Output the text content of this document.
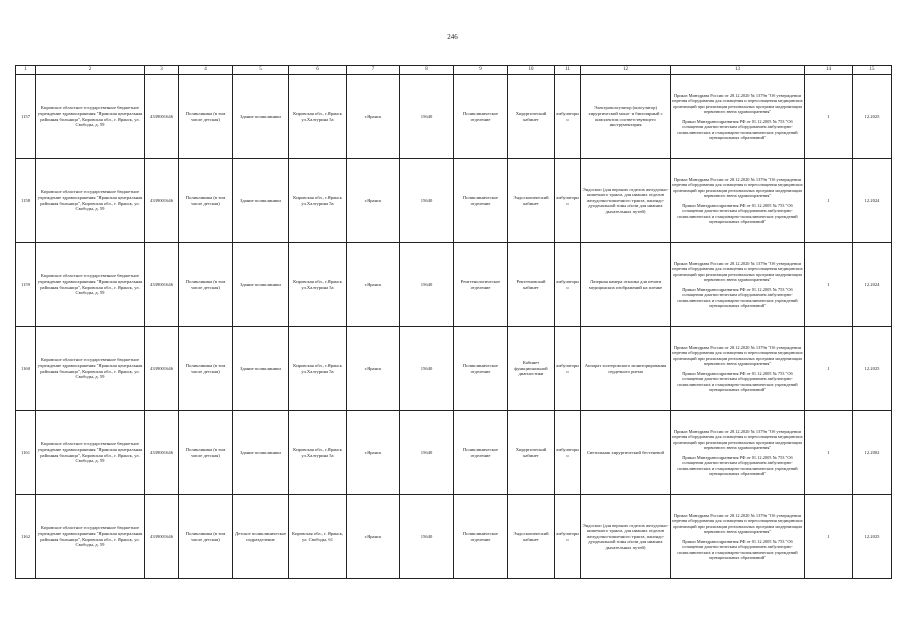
246
1	2	3	4	5	6	7	8	9	10	11	12	13	14	15
1157	Кировское областное государственное бюджетное учреждение здравоохранения "Яранская центральная районная больница", Кировская обл., г. Яранск, ул. Свободы, д. 59	4339001646	Поликлиника (в том числе детская)	Здание поликлиники	Кировская обл., г.Яранск ул.Халтурина 5а	г.Яранск	15640	Поликлиническое отделение	Хирургический кабинет	амбулаторно	Электровоагулятор (коагулятор) хирургический моно- и биполярный с комплектом соответствующего инструментария	Приказ Минздрава России от 28.12.2020 № 1379н "Об утверждении перечня оборудования для оснащения и переоснащения медицинских организаций при реализации региональных программ модернизации первичного звена здравоохранения"
Приказ Минздравсоцразвития РФ от 01.12.2005 № 753 "Об оснащении диагностическим оборудованием амбулаторно-поликлинических и стационарно-поликлинических учреждений муниципальных образований"	1	12.2025
1158	Кировское областное государственное бюджетное учреждение здравоохранения "Яранская центральная районная больница", Кировская обл., г. Яранск, ул. Свободы, д. 59	4339001646	Поликлиника (в том числе детская)	Здание поликлиники	Кировская обл., г.Яранск ул.Халтурина 5а	г.Яранск	15640	Поликлиническое отделение	Эндоскопический кабинет	амбулаторно	Эндоскоп (для верхних отделов желудочно-кишечного тракта, для нижних отделов желудочно-кишечного тракта, панэндо-дуоденальной зоны и/или для нижних дыхательных путей)	Приказ Минздрава России от 28.12.2020 № 1379н "Об утверждении перечня оборудования для оснащения и переоснащения медицинских организаций при реализации региональных программ модернизации первичного звена здравоохранения"
Приказ Минздравсоцразвития РФ от 01.12.2005 № 753 "Об оснащении диагностическим оборудованием амбулаторно-поликлинических и стационарно-поликлинических учреждений муниципальных образований"	1	12.2024
1159	Кировское областное государственное бюджетное учреждение здравоохранения "Яранская центральная районная больница", Кировская обл., г. Яранск, ул. Свободы, д. 59	4339001646	Поликлиника (в том числе детская)	Здание поликлиники	Кировская обл., г.Яранск ул.Халтурина 5а	г.Яранск	15640	Рентгенологическое отделение	Рентгеновский кабинет	амбулаторно	Лазерная камера отклика для печати медицинских изображений на пленке	Приказ Минздрава России от 28.12.2020 № 1379н "Об утверждении перечня оборудования для оснащения и переоснащения медицинских организаций при реализации региональных программ модернизации первичного звена здравоохранения"
Приказ Минздравсоцразвития РФ от 01.12.2005 № 753 "Об оснащении диагностическим оборудованием амбулаторно-поликлинических и стационарно-поликлинических учреждений муниципальных образований"	1	12.2024
1160	Кировское областное государственное бюджетное учреждение здравоохранения "Яранская центральная районная больница", Кировская обл., г. Яранск, ул. Свободы, д. 59	4339001646	Поликлиника (в том числе детская)	Здание поликлиники	Кировская обл., г.Яранск ул.Халтурина 5а	г.Яранск	15640	Поликлиническое отделение	Кабинет функциональной диагностики	амбулаторно	Аппарат холтеровского мониторирования сердечного ритма	Приказ Минздрава России от 28.12.2020 № 1379н "Об утверждении перечня оборудования для оснащения и переоснащения медицинских организаций при реализации региональных программ модернизации первичного звена здравоохранения"
Приказ Минздравсоцразвития РФ от 01.12.2005 № 753 "Об оснащении диагностическим оборудованием амбулаторно-поликлинических и стационарно-поликлинических учреждений муниципальных образований"	1	12.2025
1161	Кировское областное государственное бюджетное учреждение здравоохранения "Яранская центральная районная больница", Кировская обл., г. Яранск, ул. Свободы, д. 59	4339001646	Поликлиника (в том числе детская)	Здание поликлиники	Кировская обл., г.Яранск ул.Халтурина 5а	г.Яранск	15640	Поликлиническое отделение	Хирургический кабинет	амбулаторно	Светильник хирургический бестеневой	Приказ Минздрава России от 28.12.2020 № 1379н "Об утверждении перечня оборудования для оснащения и переоснащения медицинских организаций при реализации региональных программ модернизации первичного звена здравоохранения"
Приказ Минздравсоцразвития РФ от 01.12.2005 № 753 "Об оснащении диагностическим оборудованием амбулаторно-поликлинических и стационарно-поликлинических учреждений муниципальных образований"	1	12.2002
1162	Кировское областное государственное бюджетное учреждение здравоохранения "Яранская центральная районная больница", Кировская обл., г. Яранск, ул. Свободы, д. 59	4339001646	Поликлиника (в том числе детская)	Детское поликлиническое подразделение	Кировская обл., г. Яранск, ул. Свободы, 61	г.Яранск	15640	Поликлиническое отделение	Эндоскопический кабинет	амбулаторно	Эндоскоп (для верхних отделов желудочно-кишечного тракта, для нижних отделов желудочно-кишечного тракта, панэндо-дуоденальной зоны и/или для нижних дыхательных путей)	Приказ Минздрава России от 28.12.2020 № 1379н "Об утверждении перечня оборудования для оснащения и переоснащения медицинских организаций при реализации региональных программ модернизации первичного звена здравоохранения"
Приказ Минздравсоцразвития РФ от 01.12.2005 № 753 "Об оснащении диагностическим оборудованием амбулаторно-поликлинических и стационарно-поликлинических учреждений муниципальных образований"	1	12.2025
